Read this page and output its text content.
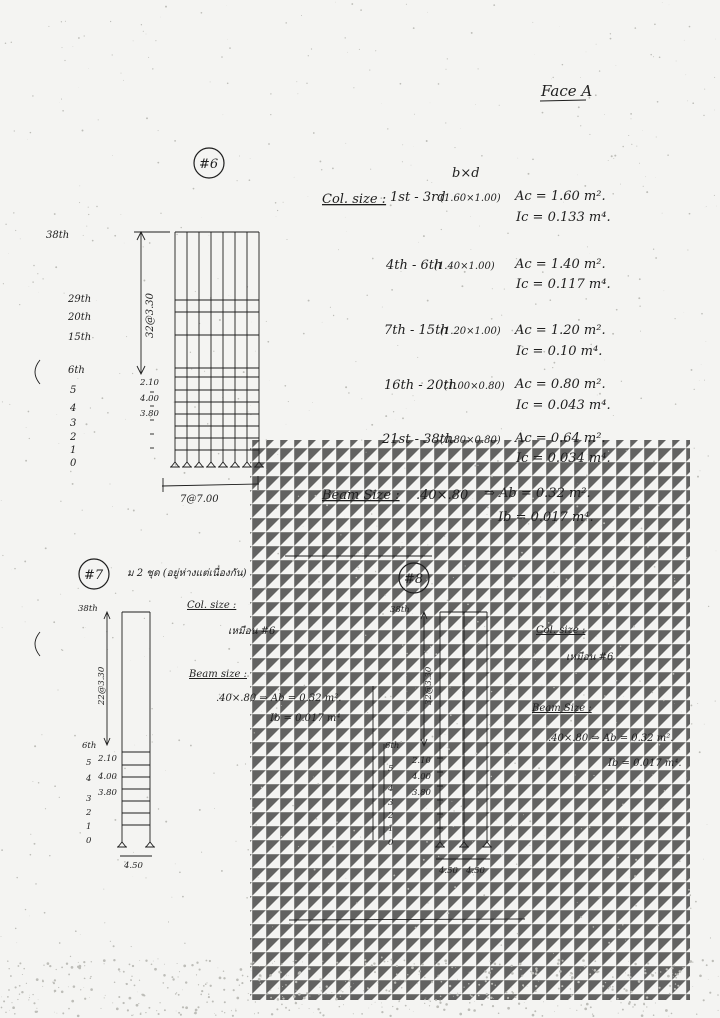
Face A
#6
b×d
Col. size : 1st - 3rd
(1.60×1.00) Ac = 1.60 m².
Ic = 0.133 m⁴.
4th - 6th
(1.40×1.00) Ac = 1.40 m².
Ic = 0.117 m⁴.
7th - 15th
(1.20×1.00) Ac = 1.20 m².
Ic = 0.10 m⁴.
16th - 20th
(1.00×0.80) Ac = 0.80 m².
Ic = 0.043 m⁴.
21st - 38th
(0.80×0.80) Ac = 0.64 m².
Ic = 0.034 m⁴.
Beam Size : .40×.80 ⇒ Ab = 0.32 m².
Ib = 0.017 m⁴.
38th
29th
20th
15th
6th
5
4
3
2
1
0
32@3.30
2.10
4.00
3.80
7@7.00
#7 ม 2 ชุด (อยู่ห่างแต่เนื่องกัน)
Col. size :
เหมือน #6
Beam size :
.40×.80 ⇒ Ab = 0.32 m².
Ib = 0.017 m⁴.
38th
6th
5
4
3
2
1
0
22@3.30
2.10
4.00
3.80
4.50
#8
Col. size :
เหมือน #6
Beam Size :
.40×.80 ⇒ Ab = 0.32 m².
Ib = 0.017 m⁴.
38th
6th
5
4
3
2
1
0
32@3.30
2.10
4.00
3.80
4.50 4.50
